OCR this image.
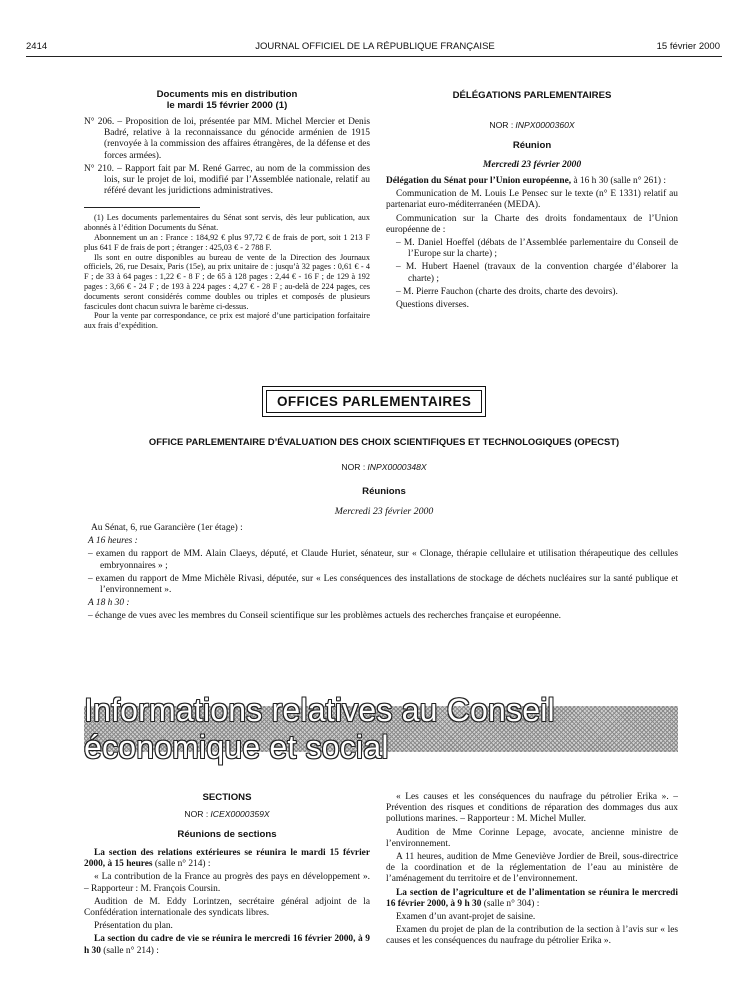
2414	JOURNAL OFFICIEL DE LA RÉPUBLIQUE FRANÇAISE	15 février 2000
Documents mis en distribution
le mardi 15 février 2000 (1)
N° 206. – Proposition de loi, présentée par MM. Michel Mercier et Denis Badré, relative à la reconnaissance du génocide arménien de 1915 (renvoyée à la commission des affaires étrangères, de la défense et des forces armées).
N° 210. – Rapport fait par M. René Garrec, au nom de la commission des lois, sur le projet de loi, modifié par l’Assemblée nationale, relatif au référé devant les juridictions administratives.

(1) Les documents parlementaires du Sénat sont servis, dès leur publication, aux abonnés à l’édition Documents du Sénat.

Abonnement un an : France : 184,92 € plus 97,72 € de frais de port, soit 1 213 F plus 641 F de frais de port ; étranger : 425,03 € - 2 788 F.

Ils sont en outre disponibles au bureau de vente de la Direction des Journaux officiels, 26, rue Desaix, Paris (15e), au prix unitaire de : jusqu’à 32 pages : 0,61 € - 4 F ; de 33 à 64 pages : 1,22 € - 8 F ; de 65 à 128 pages : 2,44 € - 16 F ; de 129 à 192 pages : 3,66 € - 24 F ; de 193 à 224 pages : 4,27 € - 28 F ; au-delà de 224 pages, ces documents seront considérés comme doubles ou triples et composés de plusieurs fascicules dont chacun suivra le barème ci-dessus.

Pour la vente par correspondance, ce prix est majoré d’une participation forfaitaire aux frais d’expédition.

DÉLÉGATIONS PARLEMENTAIRES
NOR : INPX0000360X
Réunion
Mercredi 23 février 2000

Délégation du Sénat pour l’Union européenne, à 16 h 30 (salle n° 261) :

Communication de M. Louis Le Pensec sur le texte (n° E 1331) relatif au partenariat euro-méditerranéen (MEDA).

Communication sur la Charte des droits fondamentaux de l’Union européenne de :

– M. Daniel Hoeffel (débats de l’Assemblée parlementaire du Conseil de l’Europe sur la charte) ;
– M. Hubert Haenel (travaux de la convention chargée d’élaborer la charte) ;
– M. Pierre Fauchon (charte des droits, charte des devoirs).

Questions diverses.

OFFICES PARLEMENTAIRES
OFFICE PARLEMENTAIRE D’ÉVALUATION DES CHOIX SCIENTIFIQUES ET TECHNOLOGIQUES (OPECST)
NOR : INPX0000348X
Réunions
Mercredi 23 février 2000

Au Sénat, 6, rue Garancière (1er étage) :

A 16 heures :

– examen du rapport de MM. Alain Claeys, député, et Claude Huriet, sénateur, sur « Clonage, thérapie cellulaire et utilisation thérapeutique des cellules embryonnaires » ;
– examen du rapport de Mme Michèle Rivasi, députée, sur « Les conséquences des installations de stockage de déchets nucléaires sur la santé publique et l’environnement ».

A 18 h 30 :

– échange de vues avec les membres du Conseil scientifique sur les problèmes actuels des recherches française et européenne.
Informations relatives au Conseil économique et social
SECTIONS
NOR : ICEX0000359X
Réunions de sections

La section des relations extérieures se réunira le mardi 15 février 2000, à 15 heures (salle n° 214) :

« La contribution de la France au progrès des pays en développement ». – Rapporteur : M. François Coursin.

Audition de M. Eddy Lorintzen, secrétaire général adjoint de la Confédération internationale des syndicats libres.

Présentation du plan.

La section du cadre de vie se réunira le mercredi 16 février 2000, à 9 h 30 (salle n° 214) :

« Les causes et les conséquences du naufrage du pétrolier Erika ». – Prévention des risques et conditions de réparation des dommages dus aux pollutions marines. – Rapporteur : M. Michel Muller.

Audition de Mme Corinne Lepage, avocate, ancienne ministre de l’environnement.

A 11 heures, audition de Mme Geneviève Jordier de Breil, sous-directrice de la coordination et de la réglementation de l’eau au ministère de l’aménagement du territoire et de l’environnement.

La section de l’agriculture et de l’alimentation se réunira le mercredi 16 février 2000, à 9 h 30 (salle n° 304) :

Examen d’un avant-projet de saisine.

Examen du projet de plan de la contribution de la section à l’avis sur « les causes et les conséquences du naufrage du pétrolier Erika ».
